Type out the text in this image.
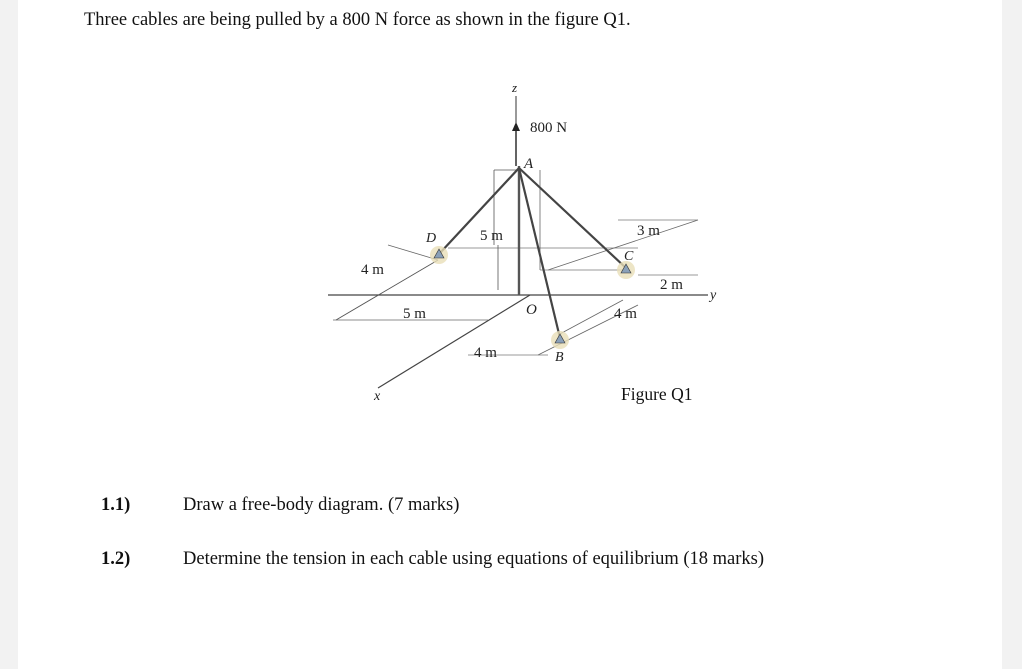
Three cables are being pulled by a 800 N force as shown in the figure Q1.
z
800 N
A
D
C
O
B
x
y
5 m
4 m
5 m
4 m
3 m
2 m
4 m
Figure Q1
1.1)	Draw a free-body diagram. (7 marks)
1.2)	Determine the tension in each cable using equations of equilibrium (18 marks)
